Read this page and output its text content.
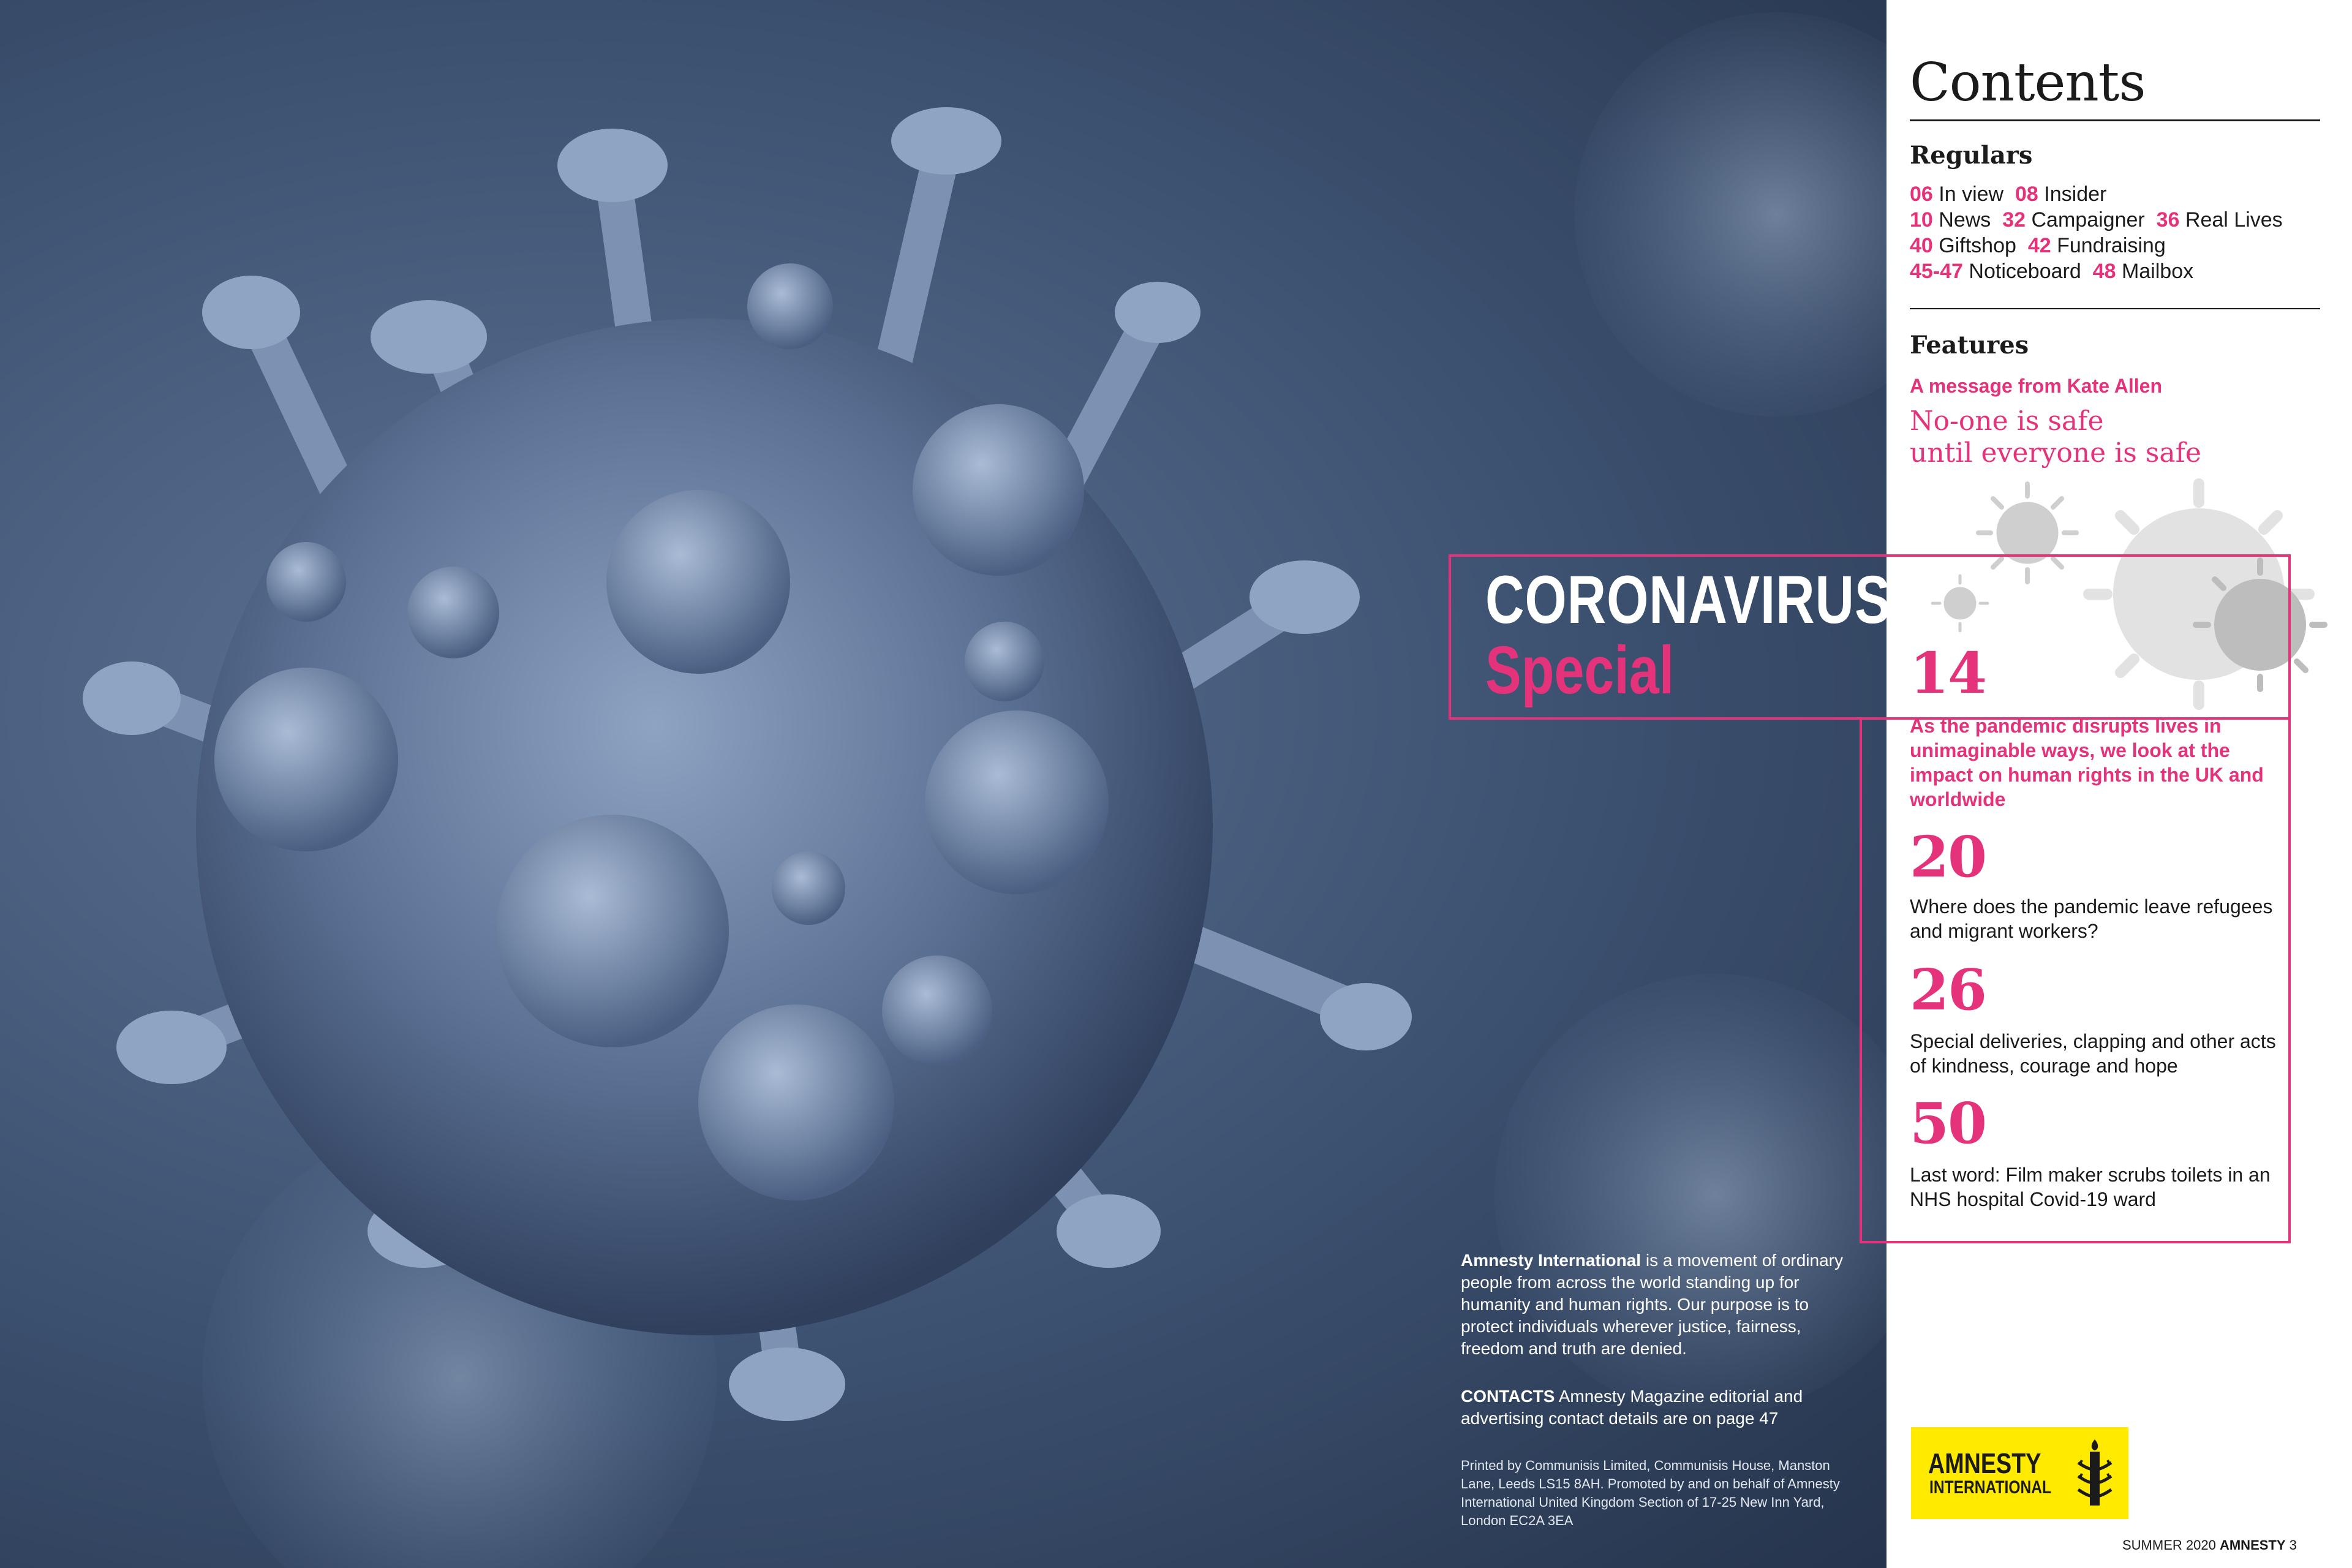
Contents
Regulars
06 In view 08 Insider
10 News 32 Campaigner 36 Real Lives
40 Giftshop 42 Fundraising
45-47 Noticeboard 48 Mailbox
Features
A message from Kate Allen
No-one is safe
until everyone is safe
CORONAVIRUS
Special	14
As the pandemic disrupts lives in unimaginable ways, we look at the impact on human rights in the UK and worldwide
20
Where does the pandemic leave refugees and migrant workers?
26
Special deliveries, clapping and other acts of kindness, courage and hope
50
Last word: Film maker scrubs toilets in an NHS hospital Covid-19 ward
Amnesty International is a movement of ordinary people from across the world standing up for humanity and human rights. Our purpose is to protect individuals wherever justice, fairness, freedom and truth are denied.
CONTACTS Amnesty Magazine editorial and advertising contact details are on page 47
Printed by Communisis Limited, Communisis House, Manston Lane, Leeds LS15 8AH. Promoted by and on behalf of Amnesty International United Kingdom Section of 17-25 New Inn Yard, London EC2A 3EA
AMNESTY
INTERNATIONAL
SUMMER 2020 AMNESTY 3
